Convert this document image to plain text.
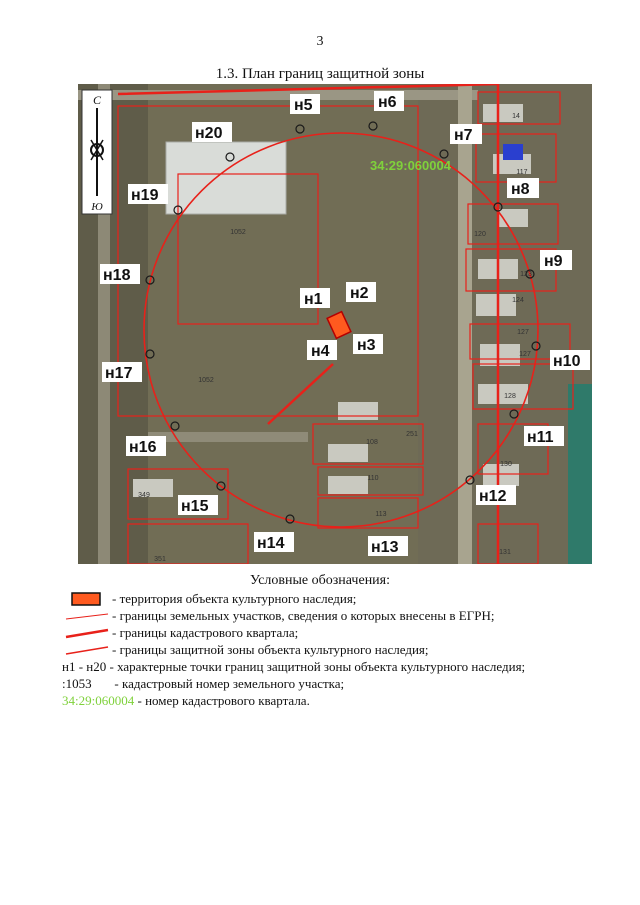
3
1.3. План границ защитной зоны
С
Ю
34:29:060004
1052
1052
14
117
120
123
124
127
127
128
108
110
113
130
131
349
351
251
н1 н2
н3
н4
н5	н6
н7
н8
н9
н10
н11
н12
н13
н14
н15
н16
н17
н18
н19
н20
Условные обозначения:
- территория объекта культурного наследия;
- границы земельных участков, сведения о которых внесены в ЕГРН;
- границы кадастрового квартала;
- границы защитной зоны объекта культурного наследия;
н1 - н20 - характерные точки границ защитной зоны объекта культурного наследия;
:1053 - кадастровый номер земельного участка;
34:29:060004 - номер кадастрового квартала.
